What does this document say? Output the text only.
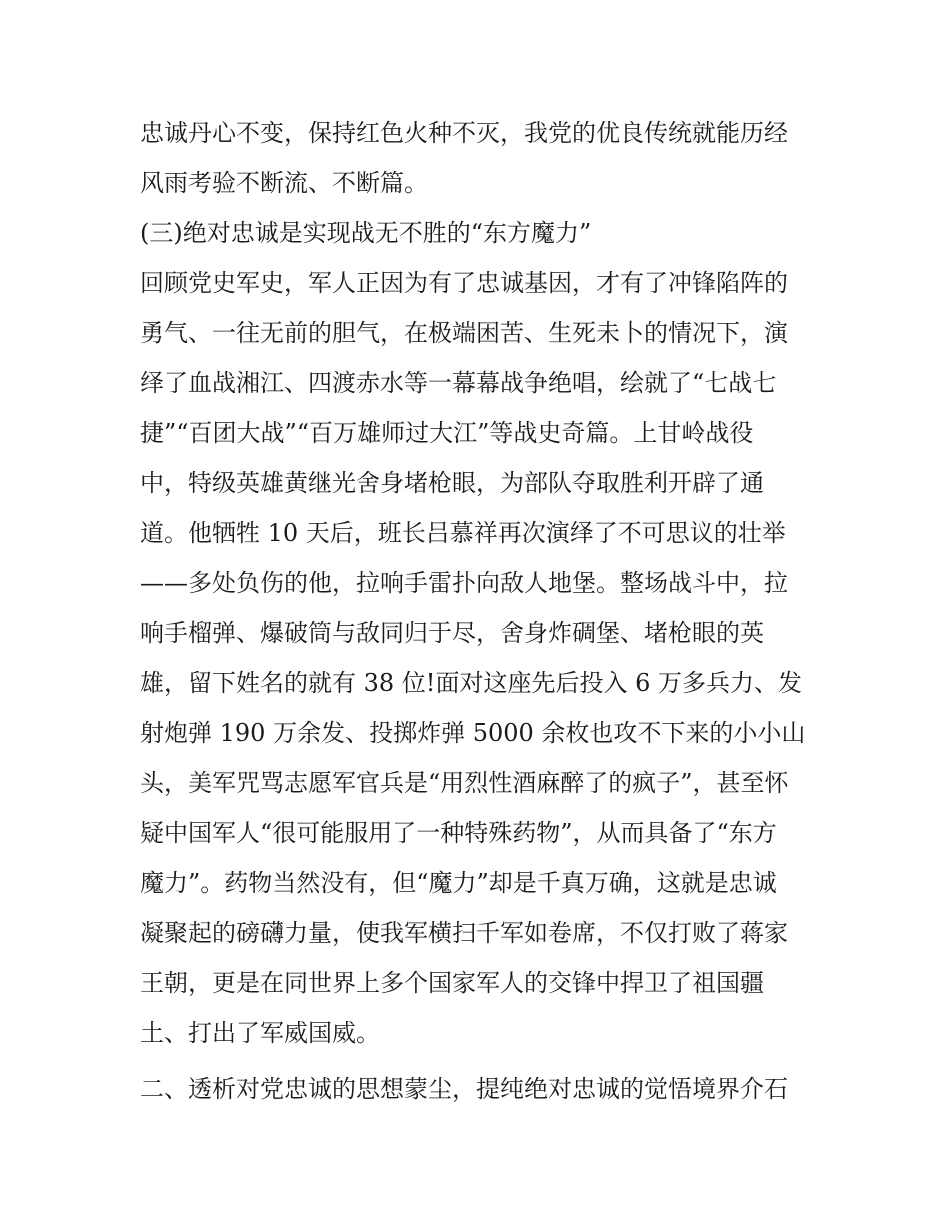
忠诚丹心不变，保持红色火种不灭，我党的优良传统就能历经
风雨考验不断流、不断篇。
(三)绝对忠诚是实现战无不胜的“东方魔力”
回顾党史军史，军人正因为有了忠诚基因，才有了冲锋陷阵的
勇气、一往无前的胆气，在极端困苦、生死未卜的情况下，演
绎了血战湘江、四渡赤水等一幕幕战争绝唱，绘就了“七战七
捷”“百团大战”“百万雄师过大江”等战史奇篇。上甘岭战役
中，特级英雄黄继光舍身堵枪眼，为部队夺取胜利开辟了通
道。他牺牲 10 天后，班长吕慕祥再次演绎了不可思议的壮举
——多处负伤的他，拉响手雷扑向敌人地堡。整场战斗中，拉
响手榴弹、爆破筒与敌同归于尽，舍身炸碉堡、堵枪眼的英
雄，留下姓名的就有 38 位!面对这座先后投入 6 万多兵力、发
射炮弹 190 万余发、投掷炸弹 5000 余枚也攻不下来的小小山
头，美军咒骂志愿军官兵是“用烈性酒麻醉了的疯子”，甚至怀
疑中国军人“很可能服用了一种特殊药物”，从而具备了“东方
魔力”。药物当然没有，但“魔力”却是千真万确，这就是忠诚
凝聚起的磅礴力量，使我军横扫千军如卷席，不仅打败了蒋家
王朝，更是在同世界上多个国家军人的交锋中捍卫了祖国疆
土、打出了军威国威。
二、透析对党忠诚的思想蒙尘，提纯绝对忠诚的觉悟境界介石
